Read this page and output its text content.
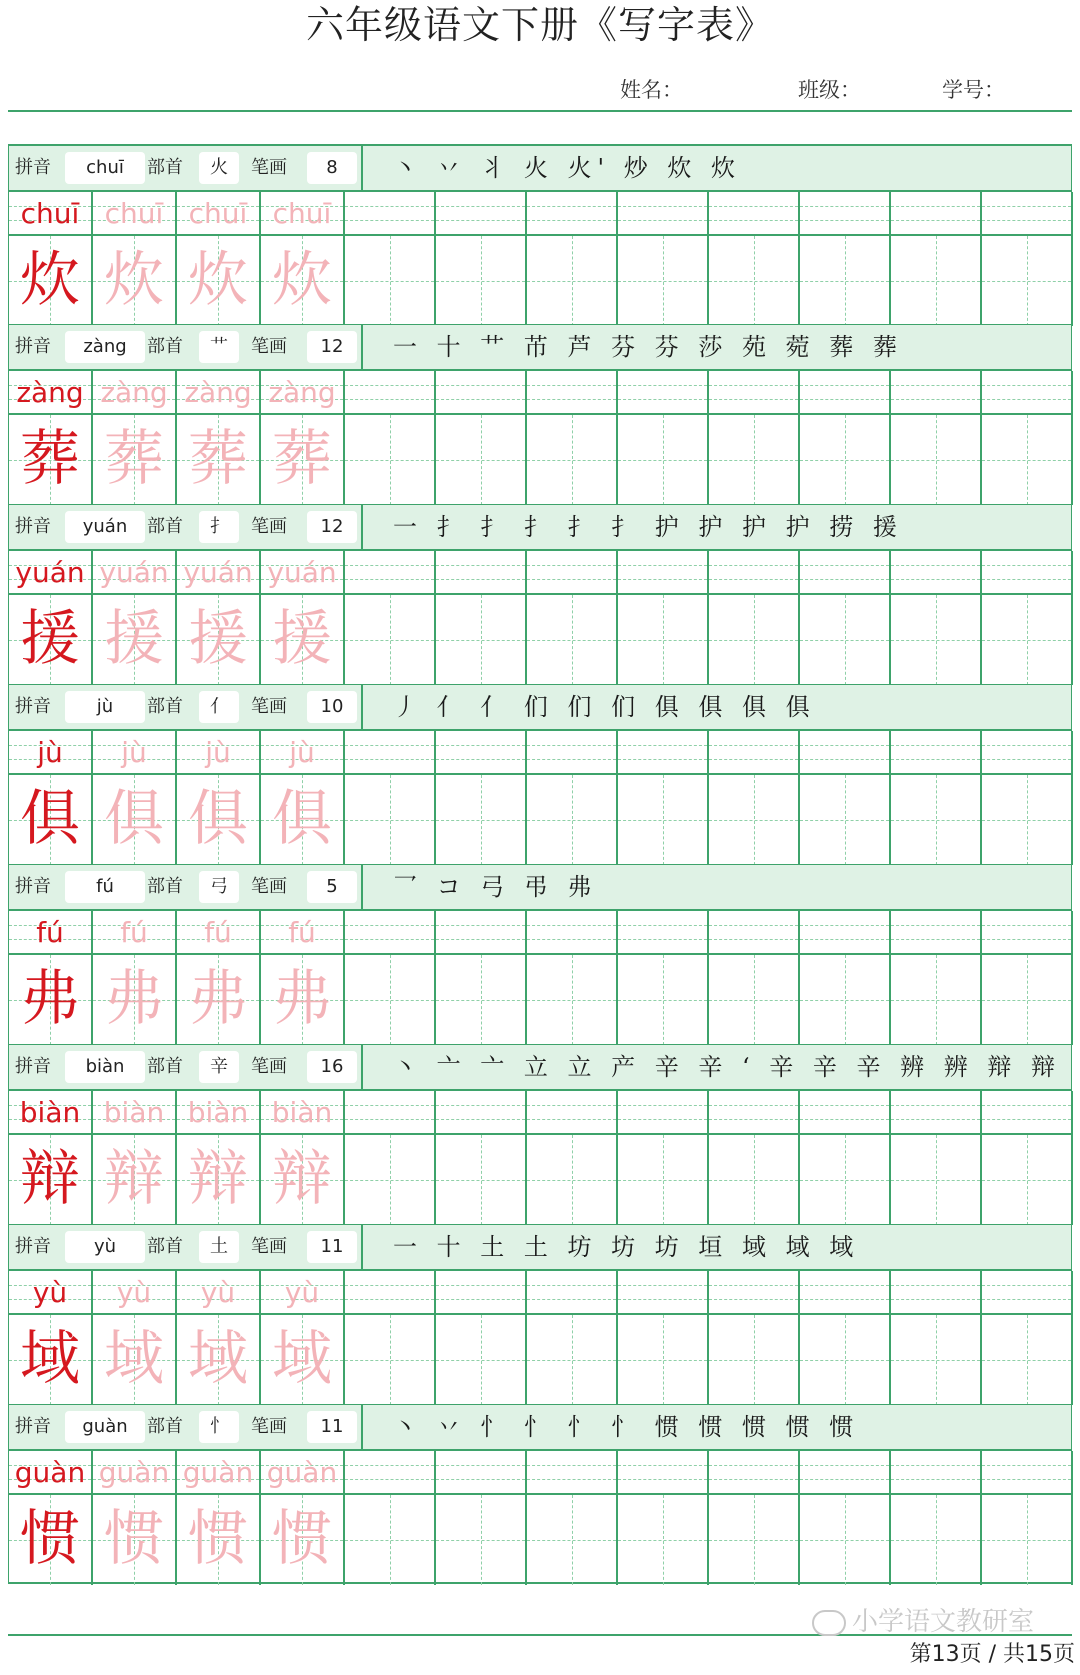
六年级语文下册《写字表》
姓名：	班级：	学号：
拼音	chuī	部首	火	笔画	8	丶 丷 丬 火 火' 炒 炊 炊
chuī
炊
chuī
炊
chuī
炊
chuī
炊
拼音	zàng	部首	艹	笔画	12	一 十 艹 芇 芦 芬 芬 莎 苑 菀 葬 葬
zàng
葬
zàng
葬
zàng
葬
zàng
葬
拼音	yuán	部首	扌	笔画	12	一 扌 扌 扌 扌 扌 护 护 护 护 捞 援
yuán
援
yuán
援
yuán
援
yuán
援
拼音	jù	部首	亻	笔画	10	丿 亻 亻 们 们 们 俱 俱 俱 俱
jù
俱
jù
俱
jù
俱
jù
俱
拼音	fú	部首	弓	笔画	5	乛 コ 弓 弔 弗
fú
弗
fú
弗
fú
弗
fú
弗
拼音	biàn	部首	辛	笔画	16	丶 亠 亠 立 立 产 辛 辛 ‘ 辛 辛 辛 辨 辨 辩 辩
biàn
辩
biàn
辩
biàn
辩
biàn
辩
拼音	yù	部首	土	笔画	11	一 十 土 土 坊 坊 坊 垣 域 域 域
yù
域
yù
域
yù
域
yù
域
拼音	guàn	部首	忄	笔画	11	丶 丷 忄 忄 忄 忄 惯 惯 惯 惯 惯
guàn
惯
guàn
惯
guàn
惯
guàn
惯
小学语文教研室
第13页 / 共15页
